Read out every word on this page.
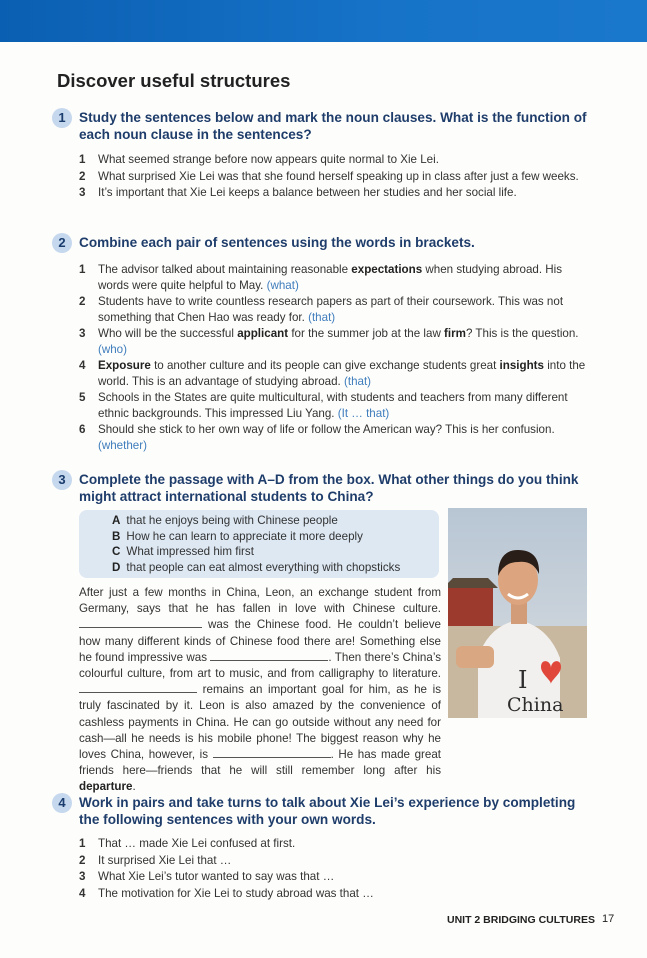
Discover useful structures
1 Study the sentences below and mark the noun clauses. What is the function of each noun clause in the sentences?

1 What seemed strange before now appears quite normal to Xie Lei.

2 What surprised Xie Lei was that she found herself speaking up in class after just a few weeks.

3 It’s important that Xie Lei keeps a balance between her studies and her social life.

2 Combine each pair of sentences using the words in brackets.

1 The advisor talked about maintaining reasonable expectations when studying abroad. His words were quite helpful to May. (what)

2 Students have to write countless research papers as part of their coursework. This was not something that Chen Hao was ready for. (that)

3 Who will be the successful applicant for the summer job at the law firm? This is the question. (who)

4 Exposure to another culture and its people can give exchange students great insights into the world. This is an advantage of studying abroad. (that)

5 Schools in the States are quite multicultural, with students and teachers from many different ethnic backgrounds. This impressed Liu Yang. (It … that)

6 Should she stick to her own way of life or follow the American way? This is her confusion. (whether)

3 Complete the passage with A–D from the box. What other things do you think might attract international students to China?

A that he enjoys being with Chinese people
B How he can learn to appreciate it more deeply
C What impressed him first
D that people can eat almost everything with chopsticks
I
China

After just a few months in China, Leon, an exchange student from Germany, says that he has fallen in love with Chinese culture.  was the Chinese food. He couldn’t believe how many different kinds of Chinese food there are! Something else he found impressive was	. Then there’s China’s colourful culture, from art to music, and from calligraphy to literature.  remains an important goal for him, as he is truly fascinated by it. Leon is also amazed by the convenience of cashless payments in China. He can go outside without any need for cash—all he needs is his mobile phone! The biggest reason why he loves China, however, is	. He has made great friends here—friends that he will still remember long after his departure.

4 Work in pairs and take turns to talk about Xie Lei’s experience by completing the following sentences with your own words.

1 That … made Xie Lei confused at first.

2 It surprised Xie Lei that …

3 What Xie Lei’s tutor wanted to say was that …

4 The motivation for Xie Lei to study abroad was that …

UNIT 2 BRIDGING CULTURES 17
